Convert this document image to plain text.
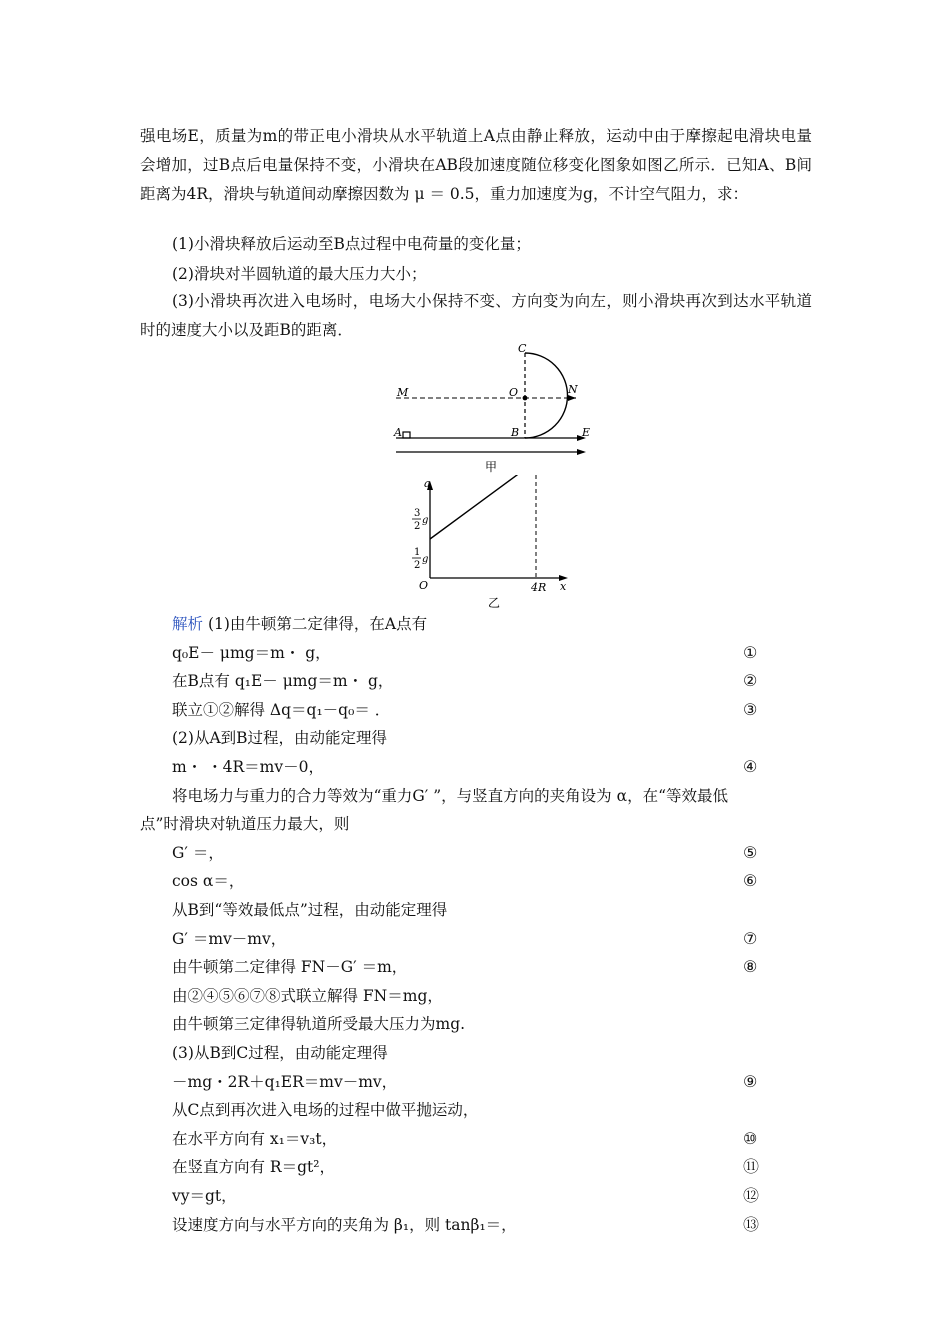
强电场E，质量为m的带正电小滑块从水平轨道上A点由静止释放，运动中由于摩擦起电滑块电量会增加，过B点后电量保持不变，小滑块在AB段加速度随位移变化图象如图乙所示．已知A、B间距离为4R，滑块与轨道间动摩擦因数为 μ ＝ 0.5，重力加速度为g，不计空气阻力，求：
(1)小滑块释放后运动至B点过程中电荷量的变化量；
(2)滑块对半圆轨道的最大压力大小；
(3)小滑块再次进入电场时，电场大小保持不变、方向变为向左，则小滑块再次到达水平轨道时的速度大小以及距B的距离．
C
O	N
M
A	B	E
甲
a
x
O
3
2
g
1
2
g
4R
乙
解析 (1)由牛顿第二定律得，在A点有
q₀E－ μmg＝m・ g，	①
在B点有 q₁E－ μmg＝m・ g，	②
联立①②解得 Δq＝q₁－q₀＝ ．	③
(2)从A到B过程，由动能定理得
m・ ・4R＝mv－0，	④
将电场力与重力的合力等效为“重力G′ ”，与竖直方向的夹角设为 α，在“等效最低
点”时滑块对轨道压力最大，则
G′ ＝，	⑤
cos α＝，	⑥
从B到“等效最低点”过程，由动能定理得
G′ ＝mv－mv，	⑦
由牛顿第二定律得 FN－G′ ＝m，	⑧
由②④⑤⑥⑦⑧式联立解得 FN＝mg，
由牛顿第三定律得轨道所受最大压力为mg.
(3)从B到C过程，由动能定理得
－mg・2R＋q₁ER＝mv－mv，	⑨
从C点到再次进入电场的过程中做平抛运动，
在水平方向有 x₁＝v₃t，	⑩
在竖直方向有 R＝gt²，	⑪
vy＝gt，	⑫
设速度方向与水平方向的夹角为 β₁，则 tanβ₁＝，	⑬
